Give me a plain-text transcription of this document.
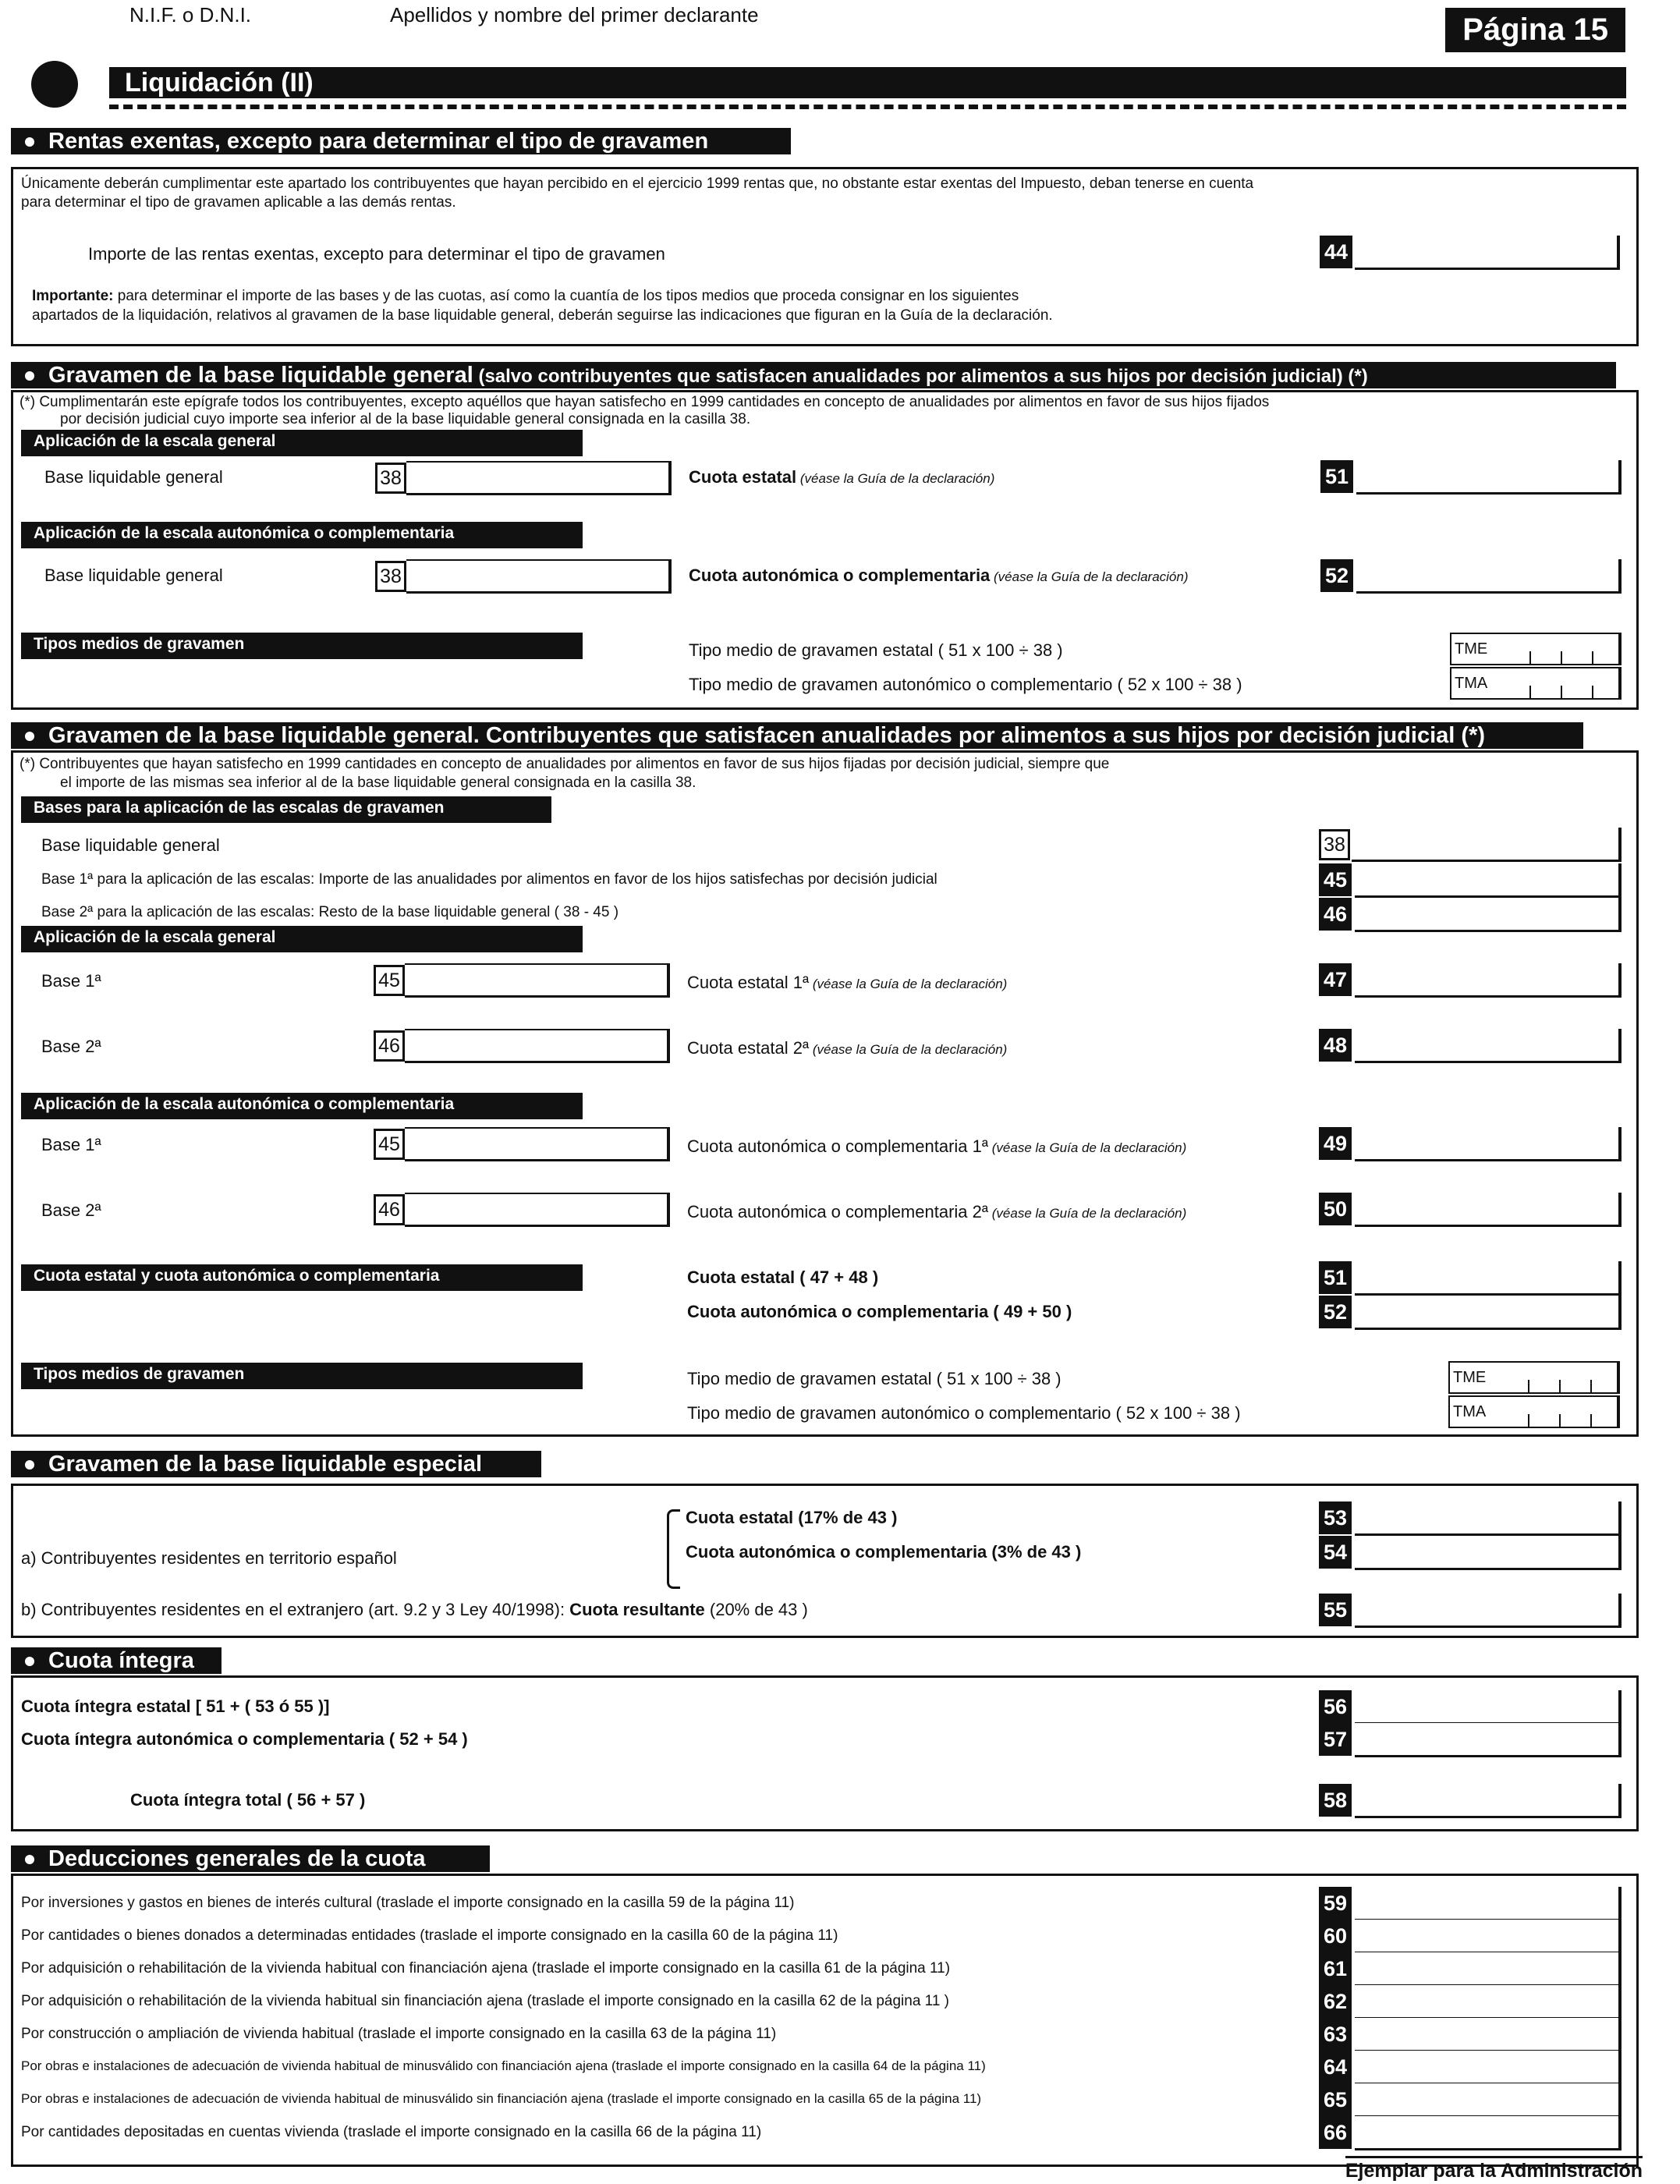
N.I.F. o D.N.I.	Apellidos y nombre del primer declarante	Página 15
Liquidación (II)
Rentas exentas, excepto para determinar el tipo de gravamen
Únicamente deberán cumplimentar este apartado los contribuyentes que hayan percibido en el ejercicio 1999 rentas que, no obstante estar exentas del Impuesto, deban tenerse en cuenta
para determinar el tipo de gravamen aplicable a las demás rentas.
Importe de las rentas exentas, excepto para determinar el tipo de gravamen	44
Importante: para determinar el importe de las bases y de las cuotas, así como la cuantía de los tipos medios que proceda consignar en los siguientes
apartados de la liquidación, relativos al gravamen de la base liquidable general, deberán seguirse las indicaciones que figuran en la Guía de la declaración.
Gravamen de la base liquidable general (salvo contribuyentes que satisfacen anualidades por alimentos a sus hijos por decisión judicial) (*)
(*) Cumplimentarán este epígrafe todos los contribuyentes, excepto aquéllos que hayan satisfecho en 1999 cantidades en concepto de anualidades por alimentos en favor de sus hijos fijados
por decisión judicial cuyo importe sea inferior al de la base liquidable general consignada en la casilla 38.
Aplicación de la escala general
Base liquidable general	38	Cuota estatal (véase la Guía de la declaración)	51
Aplicación de la escala autonómica o complementaria
Base liquidable general	38	Cuota autonómica o complementaria (véase la Guía de la declaración)	52
Tipos medios de gravamen	Tipo medio de gravamen estatal ( 51 x 100 ÷ 38 )	TME
Tipo medio de gravamen autonómico o complementario ( 52 x 100 ÷ 38 )	TMA
Gravamen de la base liquidable general. Contribuyentes que satisfacen anualidades por alimentos a sus hijos por decisión judicial (*)
(*) Contribuyentes que hayan satisfecho en 1999 cantidades en concepto de anualidades por alimentos en favor de sus hijos fijadas por decisión judicial, siempre que
el importe de las mismas sea inferior al de la base liquidable general consignada en la casilla 38.
Bases para la aplicación de las escalas de gravamen
Base liquidable general	38
Base 1ª para la aplicación de las escalas: Importe de las anualidades por alimentos en favor de los hijos satisfechas por decisión judicial	45
Base 2ª para la aplicación de las escalas: Resto de la base liquidable general ( 38 - 45 )	46
Aplicación de la escala general
Base 1ª	45	Cuota estatal 1ª (véase la Guía de la declaración)	47
Base 2ª	46	Cuota estatal 2ª (véase la Guía de la declaración)	48
Aplicación de la escala autonómica o complementaria
Base 1ª	45	Cuota autonómica o complementaria 1ª (véase la Guía de la declaración)	49
Base 2ª	46	Cuota autonómica o complementaria 2ª (véase la Guía de la declaración)	50
Cuota estatal y cuota autonómica o complementaria	Cuota estatal ( 47 + 48 )	51
Cuota autonómica o complementaria ( 49 + 50 )	52
Tipos medios de gravamen	Tipo medio de gravamen estatal ( 51 x 100 ÷ 38 )	TME
Tipo medio de gravamen autonómico o complementario ( 52 x 100 ÷ 38 )	TMA
Gravamen de la base liquidable especial
a) Contribuyentes residentes en territorio español
Cuota estatal (17% de 43 )	53
Cuota autonómica o complementaria (3% de 43 )	54
b) Contribuyentes residentes en el extranjero (art. 9.2 y 3 Ley 40/1998): Cuota resultante (20% de 43 )	55
Cuota íntegra
Cuota íntegra estatal [ 51 + ( 53 ó 55 )]	56
Cuota íntegra autonómica o complementaria ( 52 + 54 )	57
Cuota íntegra total ( 56 + 57 )	58
Deducciones generales de la cuota
Por inversiones y gastos en bienes de interés cultural (traslade el importe consignado en la casilla 59 de la página 11)	59
Por cantidades o bienes donados a determinadas entidades (traslade el importe consignado en la casilla 60 de la página 11)	60
Por adquisición o rehabilitación de la vivienda habitual con financiación ajena (traslade el importe consignado en la casilla 61 de la página 11)	61
Por adquisición o rehabilitación de la vivienda habitual sin financiación ajena (traslade el importe consignado en la casilla 62 de la página 11 )	62
Por construcción o ampliación de vivienda habitual (traslade el importe consignado en la casilla 63 de la página 11)	63
Por obras e instalaciones de adecuación de vivienda habitual de minusválido con financiación ajena (traslade el importe consignado en la casilla 64 de la página 11)	64
Por obras e instalaciones de adecuación de vivienda habitual de minusválido sin financiación ajena (traslade el importe consignado en la casilla 65 de la página 11)	65
Por cantidades depositadas en cuentas vivienda (traslade el importe consignado en la casilla 66 de la página 11)	66
Ejemplar para la Administración
